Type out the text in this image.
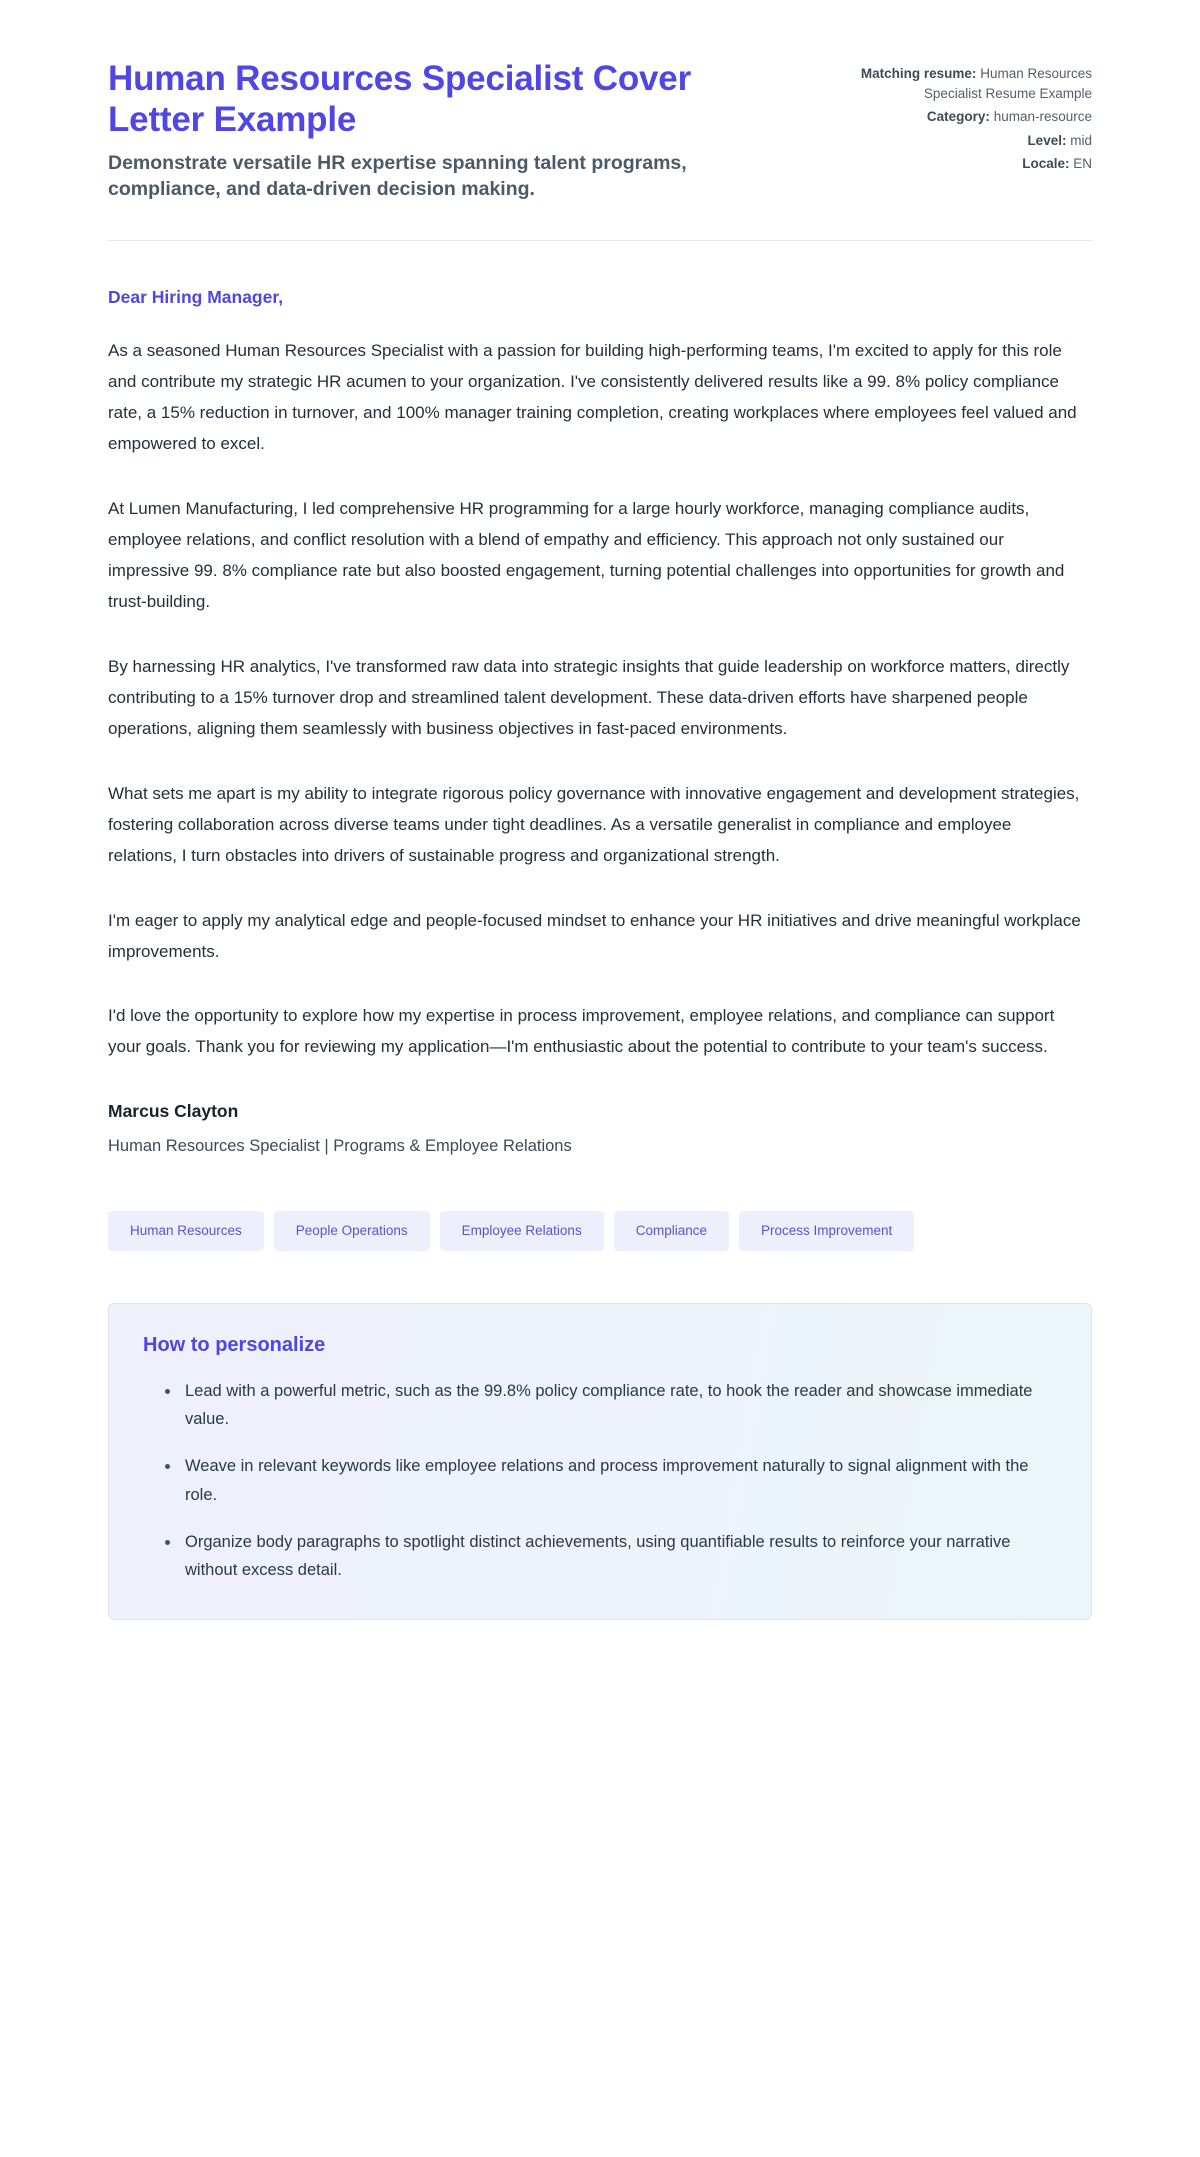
Human Resources Specialist Cover Letter Example

Demonstrate versatile HR expertise spanning talent programs, compliance, and data-driven decision making.

Matching resume: Human Resources Specialist Resume Example
Category: human-resource
Level: mid
Locale: EN

Dear Hiring Manager,

As a seasoned Human Resources Specialist with a passion for building high-performing teams, I'm excited to apply for this role and contribute my strategic HR acumen to your organization. I've consistently delivered results like a 99. 8% policy compliance rate, a 15% reduction in turnover, and 100% manager training completion, creating workplaces where employees feel valued and empowered to excel.

At Lumen Manufacturing, I led comprehensive HR programming for a large hourly workforce, managing compliance audits, employee relations, and conflict resolution with a blend of empathy and efficiency. This approach not only sustained our impressive 99. 8% compliance rate but also boosted engagement, turning potential challenges into opportunities for growth and trust-building.

By harnessing HR analytics, I've transformed raw data into strategic insights that guide leadership on workforce matters, directly contributing to a 15% turnover drop and streamlined talent development. These data-driven efforts have sharpened people operations, aligning them seamlessly with business objectives in fast-paced environments.

What sets me apart is my ability to integrate rigorous policy governance with innovative engagement and development strategies, fostering collaboration across diverse teams under tight deadlines. As a versatile generalist in compliance and employee relations, I turn obstacles into drivers of sustainable progress and organizational strength.

I'm eager to apply my analytical edge and people-focused mindset to enhance your HR initiatives and drive meaningful workplace improvements.

I'd love the opportunity to explore how my expertise in process improvement, employee relations, and compliance can support your goals. Thank you for reviewing my application—I'm enthusiastic about the potential to contribute to your team's success.

Marcus Clayton

Human Resources Specialist | Programs & Employee Relations

Human Resources	People Operations	Employee Relations	Compliance	Process Improvement
How to personalize
Lead with a powerful metric, such as the 99.8% policy compliance rate, to hook the reader and showcase immediate value.
Weave in relevant keywords like employee relations and process improvement naturally to signal alignment with the role.
Organize body paragraphs to spotlight distinct achievements, using quantifiable results to reinforce your narrative without excess detail.
